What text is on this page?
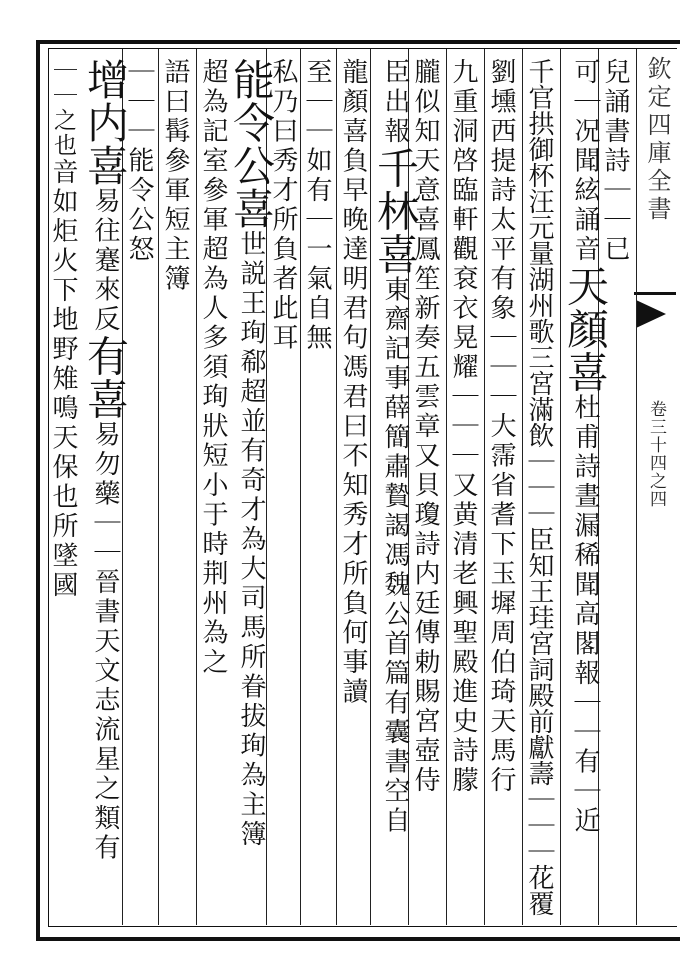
欽定四庫全書
卷三十四之四
兒誦書詩｜｜已
可｜况聞絃誦音天顏喜杜甫詩晝漏稀聞高閣報｜｜有｜近
千官拱御杯汪元量湖州歌三宮滿飲｜｜｜臣知王珪宮詞殿前獻壽｜｜｜花覆
劉壎西提詩太平有象｜｜｜大霈省耆下玉墀周伯琦天馬行
九重洞啓臨軒觀袞衣晃耀｜｜｜又黄清老興聖殿進史詩朦
朧似知天意喜鳳笙新奏五雲章又貝瓊詩内廷傳勅賜宮壺侍
臣出報千林喜東齋記事薛簡肅贄謁馮魏公首篇有囊書空自
龍顏喜負早晚達明君句馮君曰不知秀才所負何事讀
至｜｜如有｜一氣自無
私乃曰秀才所負者此耳
能令公喜世説王珣郗超並有奇才為大司馬所眷拔珣為主簿
超為記室參軍超為人多須珣狀短小于時荆州為之
語曰髯參軍短主簿
｜｜｜能令公怒
增内喜易往蹇來反有喜易勿藥｜｜晉書天文志流星之類有
｜｜之也音如炬火下地野雉鳴天保也所墜國
